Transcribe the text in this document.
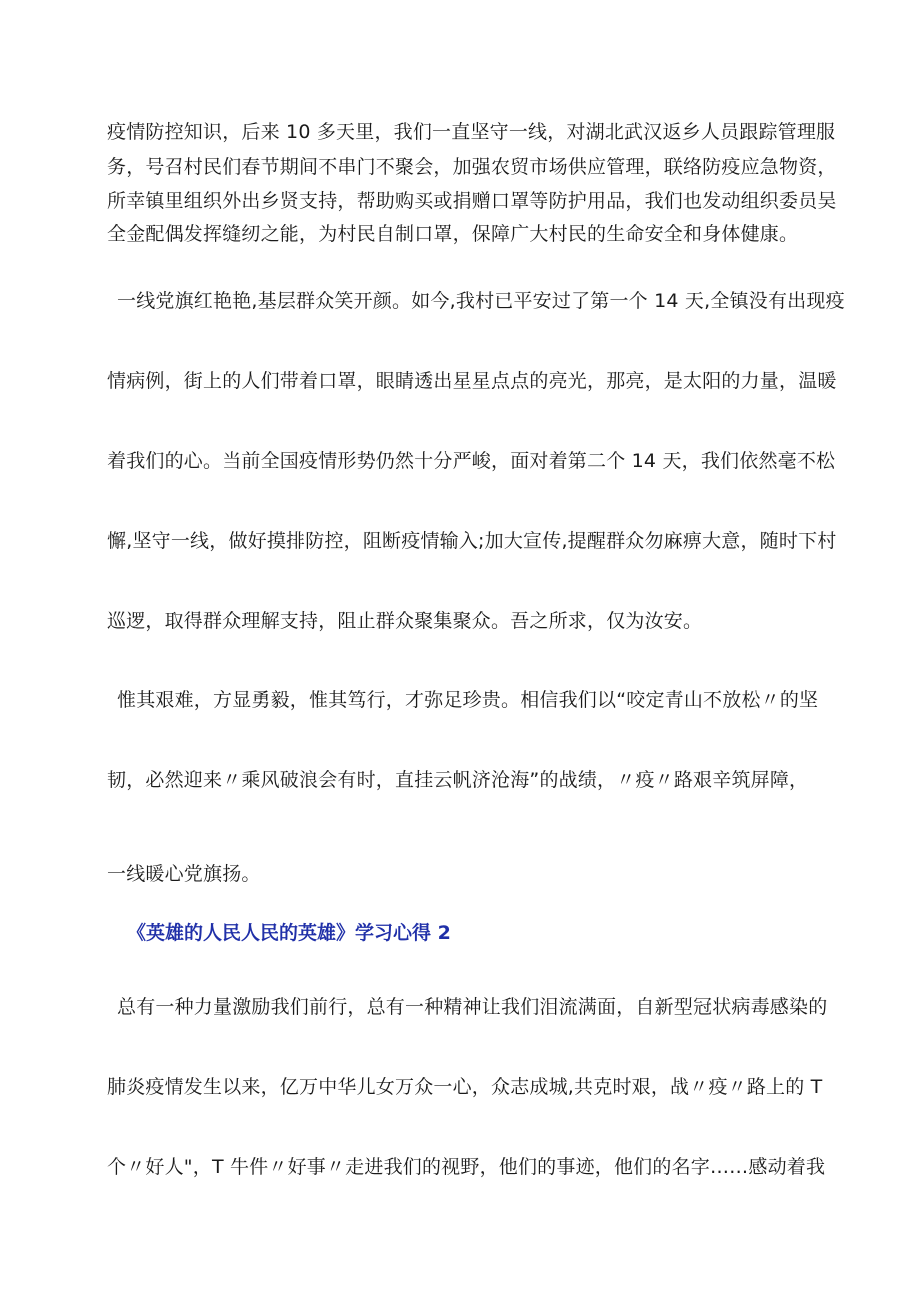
疫情防控知识，后来 10 多天里，我们一直坚守一线，对湖北武汉返乡人员跟踪管理服
务，号召村民们春节期间不串门不聚会，加强农贸市场供应管理，联络防疫应急物资，
所幸镇里组织外出乡贤支持，帮助购买或捐赠口罩等防护用品，我们也发动组织委员吴
全金配偶发挥缝纫之能，为村民自制口罩，保障广大村民的生命安全和身体健康。
一线党旗红艳艳,基层群众笑开颜。如今,我村已平安过了第一个 14 天,全镇没有出现疫
情病例，街上的人们带着口罩，眼睛透出星星点点的亮光，那亮，是太阳的力量，温暖
着我们的心。当前全国疫情形势仍然十分严峻，面对着第二个 14 天，我们依然毫不松
懈,坚守一线，做好摸排防控，阻断疫情输入;加大宣传,提醒群众勿麻痹大意，随时下村
巡逻，取得群众理解支持，阻止群众聚集聚众。吾之所求，仅为汝安。
惟其艰难，方显勇毅，惟其笃行，才弥足珍贵。相信我们以“咬定青山不放松〃的坚
韧，必然迎来〃乘风破浪会有时，直挂云帆济沧海”的战绩，〃疫〃路艰辛筑屏障，
一线暖心党旗扬。
《英雄的人民人民的英雄》学习心得 2
总有一种力量激励我们前行，总有一种精神让我们泪流满面，自新型冠状病毒感染的
肺炎疫情发生以来，亿万中华儿女万众一心，众志成城,共克时艰，战〃疫〃路上的 T
个〃好人"，T 牛件〃好事〃走进我们的视野，他们的事迹，他们的名字……感动着我
